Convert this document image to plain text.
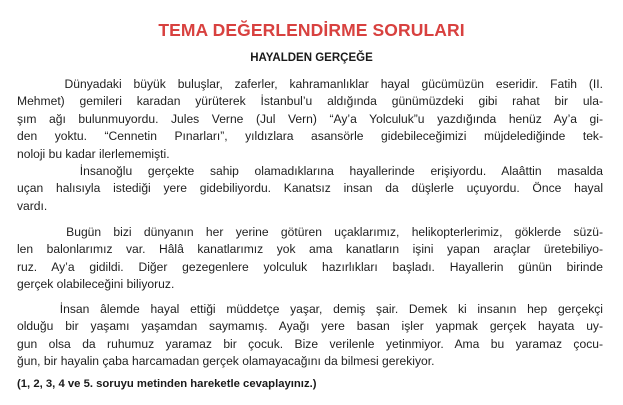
TEMA DEĞERLENDİRME SORULARI
HAYALDEN GERÇEĞE

Dünyadaki büyük buluşlar, zaferler, kahramanlıklar hayal gücümüzün eseridir. Fatih (II.
Mehmet) gemileri karadan yürüterek İstanbul’u aldığında günümüzdeki gibi rahat bir ula-
şım ağı bulunmuyordu. Jules Verne (Jul Vern) “Ay’a Yolculuk”u yazdığında henüz Ay’a gi-
den yoktu. “Cennetin Pınarları”, yıldızlara asansörle gidebileceğimizi müjdelediğinde tek-
noloji bu kadar ilerlememişti.

İnsanoğlu gerçekte sahip olamadıklarına hayallerinde erişiyordu. Alaâttin masalda
uçan halısıyla istediği yere gidebiliyordu. Kanatsız insan da düşlerle uçuyordu. Önce hayal
vardı.

Bugün bizi dünyanın her yerine götüren uçaklarımız, helikopterlerimiz, göklerde süzü-
len balonlarımız var. Hâlâ kanatlarımız yok ama kanatların işini yapan araçlar üretebiliyo-
ruz. Ay’a gidildi. Diğer gezegenlere yolculuk hazırlıkları başladı. Hayallerin günün birinde
gerçek olabileceğini biliyoruz.

İnsan âlemde hayal ettiği müddetçe yaşar, demiş şair. Demek ki insanın hep gerçekçi
olduğu bir yaşamı yaşamdan saymamış. Ayağı yere basan işler yapmak gerçek hayata uy-
gun olsa da ruhumuz yaramaz bir çocuk. Bize verilenle yetinmiyor. Ama bu yaramaz çocu-
ğun, bir hayalin çaba harcamadan gerçek olamayacağını da bilmesi gerekiyor.

(1, 2, 3, 4 ve 5. soruyu metinden hareketle cevaplayınız.)
